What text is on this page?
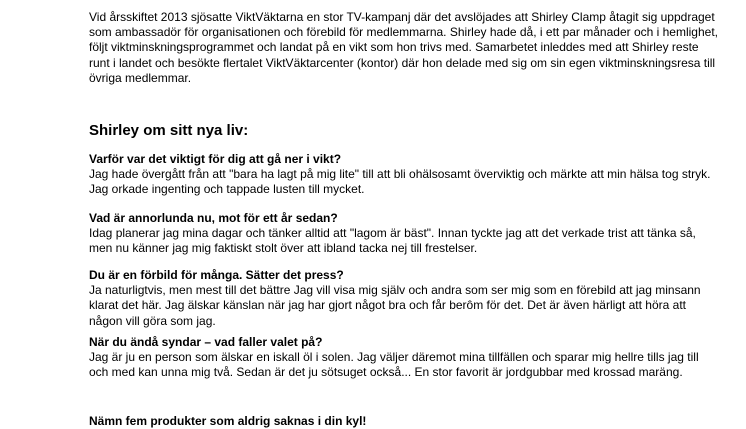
Vid årsskiftet 2013 sjösatte ViktVäktarna en stor TV-kampanj där det avslöjades att Shirley Clamp åtagit sig uppdraget som ambassadör för organisationen och förebild för medlemmarna. Shirley hade då, i ett par månader och i hemlighet, följt viktminskningsprogrammet och landat på en vikt som hon trivs med. Samarbetet inleddes med att Shirley reste runt i landet och besökte flertalet ViktVäktarcenter (kontor) där hon delade med sig om sin egen viktminskningsresa till övriga medlemmar.

Shirley om sitt nya liv:

Varför var det viktigt för dig att gå ner i vikt?

Jag hade övergått från att "bara ha lagt på mig lite" till att bli ohälsosamt överviktig och märkte att min hälsa tog stryk. Jag orkade ingenting och tappade lusten till mycket.

Vad är annorlunda nu, mot för ett år sedan?

Idag planerar jag mina dagar och tänker alltid att "lagom är bäst". Innan tyckte jag att det verkade trist att tänka så, men nu känner jag mig faktiskt stolt över att ibland tacka nej till frestelser.

Du är en förbild för många. Sätter det press?

Ja naturligtvis, men mest till det bättre Jag vill visa mig själv och andra som ser mig som en förebild att jag minsann klarat det här. Jag älskar känslan när jag har gjort något bra och får berôm för det. Det är även härligt att höra att någon vill göra som jag.

När du ändå syndar – vad faller valet på?

Jag är ju en person som älskar en iskall öl i solen. Jag väljer däremot mina tillfällen och sparar mig hellre tills jag till och med kan unna mig två. Sedan är det ju sötsuget också... En stor favorit är jordgubbar med krossad maräng.

Nämn fem produkter som aldrig saknas i din kyl!
